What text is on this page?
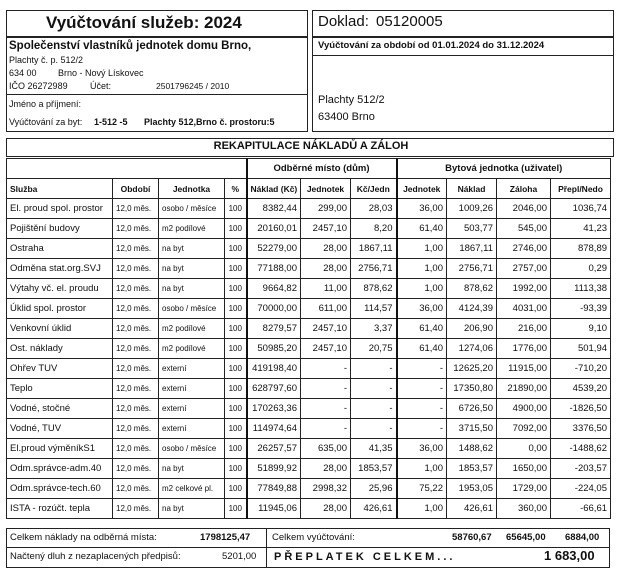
Vyúčtování služeb: 2024
Společenství vlastníků jednotek domu Brno,
Plachty č. p. 512/2
634 00 Brno - Nový Lískovec
IČO 26272989 Účet:	2501796245 / 2010
Jméno a příjmení:
Vyúčtování za byt: 1-512 -5 Plachty 512,Brno č. prostoru:5
Doklad: 05120005
Vyúčtování za období od 01.01.2024 do 31.12.2024
Plachty 512/2
63400 Brno
REKAPITULACE NÁKLADŮ A ZÁLOH
				Odběrné místo (dům)			Bytová jednotka (uživatel)			
Služba	Období	Jednotka	%	Náklad (Kč)	Jednotek	Kč/Jedn	Jednotek	Náklad	Záloha	Přepl/Nedo
El. proud spol. prostor	12,0 měs.	osobo / měsíce	100	8382,44	299,00	28,03	36,00	1009,26	2046,00	1036,74
Pojištění budovy	12,0 měs.	m2 podílové	100	20160,01	2457,10	8,20	61,40	503,77	545,00	41,23
Ostraha	12,0 měs.	na byt	100	52279,00	28,00	1867,11	1,00	1867,11	2746,00	878,89
Odměna stat.org.SVJ	12,0 měs.	na byt	100	77188,00	28,00	2756,71	1,00	2756,71	2757,00	0,29
Výtahy vč. el. proudu	12,0 měs.	na byt	100	9664,82	11,00	878,62	1,00	878,62	1992,00	1113,38
Úklid spol. prostor	12,0 měs.	osobo / měsíce	100	70000,00	611,00	114,57	36,00	4124,39	4031,00	-93,39
Venkovní úklid	12,0 měs.	m2 podílové	100	8279,57	2457,10	3,37	61,40	206,90	216,00	9,10
Ost. náklady	12,0 měs.	m2 podílové	100	50985,20	2457,10	20,75	61,40	1274,06	1776,00	501,94
Ohřev TUV	12,0 měs.	externí	100	419198,40	-	-	-	12625,20	11915,00	-710,20
Teplo	12,0 měs.	externí	100	628797,60	-	-	-	17350,80	21890,00	4539,20
Vodné, stočné	12,0 měs.	externí	100	170263,36	-	-	-	6726,50	4900,00	-1826,50
Vodné, TUV	12,0 měs.	externí	100	114974,64	-	-	-	3715,50	7092,00	3376,50
El.proud výměníkS1	12,0 měs.	osobo / měsíce	100	26257,57	635,00	41,35	36,00	1488,62	0,00	-1488,62
Odm.správce-adm.40	12,0 měs.	na byt	100	51899,92	28,00	1853,57	1,00	1853,57	1650,00	-203,57
Odm.správce-tech.60	12,0 měs.	m2 celkové pl.	100	77849,88	2998,32	25,96	75,22	1953,05	1729,00	-224,05
ISTA - rozúčt. tepla	12,0 měs.	na byt	100	11945,06	28,00	426,61	1,00	426,61	360,00	-66,61
Celkem náklady na odběrná místa:	1798125,47 Celkem vyúčtování:	58760,67 65645,00 6884,00
Načtený dluh z nezaplacených předpisů:	5201,00 PŘEPLATEK CELKEM...	1 683,00
